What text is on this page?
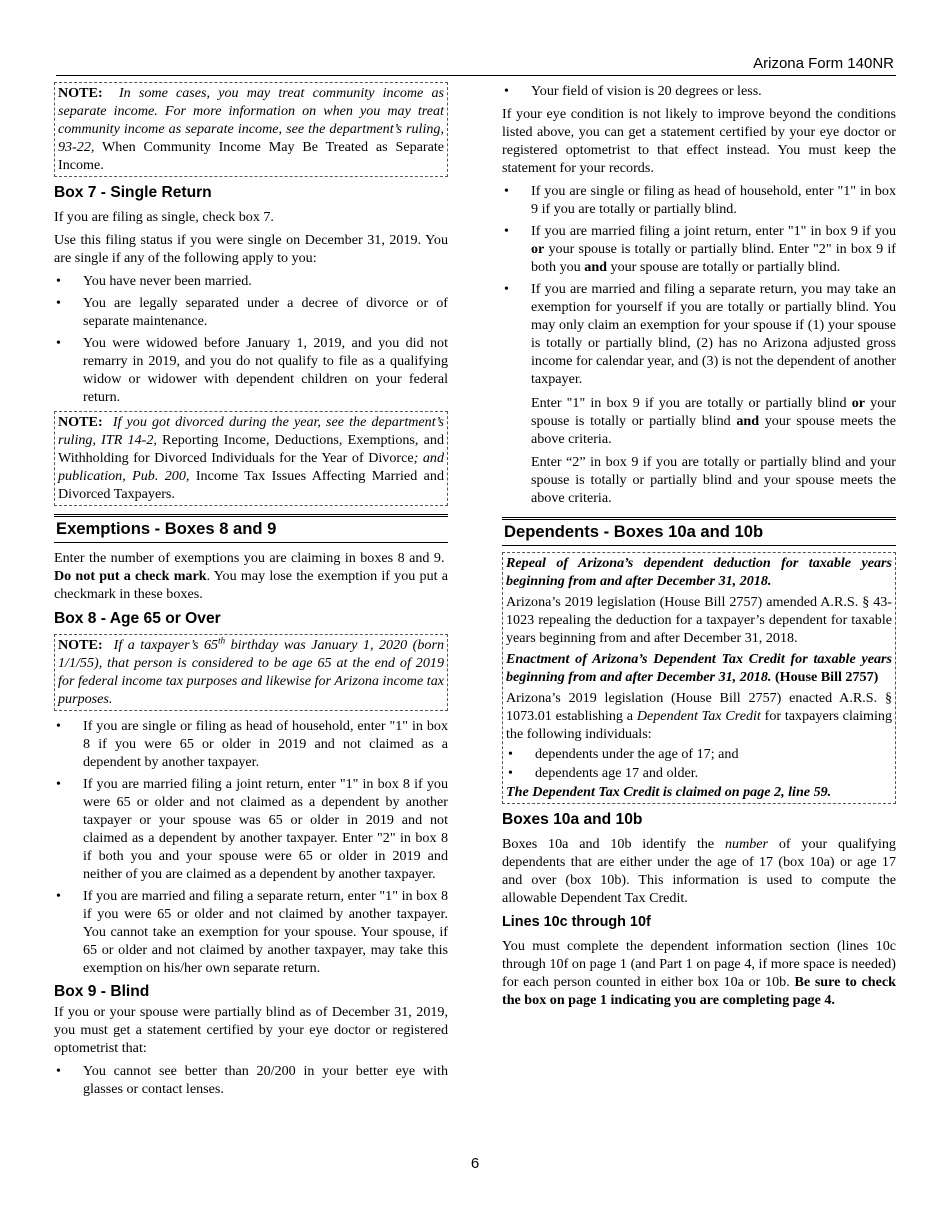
Arizona Form 140NR

NOTE: In some cases, you may treat community income as separate income. For more information on when you may treat community income as separate income, see the department’s ruling, 93-22, When Community Income May Be Treated as Separate Income.

Box 7 - Single Return

If you are filing as single, check box 7.

Use this filing status if you were single on December 31, 2019. You are single if any of the following apply to you:

• You have never been married.
• You are legally separated under a decree of divorce or of separate maintenance.
• You were widowed before January 1, 2019, and you did not remarry in 2019, and you do not qualify to file as a qualifying widow or widower with dependent children on your federal return.

NOTE: If you got divorced during the year, see the department’s ruling, ITR 14-2, Reporting Income, Deductions, Exemptions, and Withholding for Divorced Individuals for the Year of Divorce; and publication, Pub. 200, Income Tax Issues Affecting Married and Divorced Taxpayers.

Exemptions - Boxes 8 and 9

Enter the number of exemptions you are claiming in boxes 8 and 9.  Do not put a check mark. You may lose the exemption if you put a checkmark in these boxes.

Box 8 - Age 65 or Over

NOTE: If a taxpayer’s 65th birthday was January 1, 2020 (born 1/1/55), that person is considered to be age 65 at the end of 2019 for federal income tax purposes and likewise for Arizona income tax purposes.

• If you are single or filing as head of household, enter "1" in box 8 if you were 65 or older in 2019 and not claimed as a dependent by another taxpayer.
• If you are married filing a joint return, enter "1" in box 8 if you were 65 or older and not claimed as a dependent by another taxpayer or your spouse was 65 or older in 2019 and not claimed as a dependent by another taxpayer. Enter "2" in box 8 if both you and your spouse were 65 or older in 2019 and neither of you are claimed as a dependent by another taxpayer.
• If you are married and filing a separate return, enter "1" in box 8 if you were 65 or older and not claimed by another taxpayer. You cannot take an exemption for your spouse. Your spouse, if 65 or older and not claimed by another taxpayer, may take this exemption on his/her own separate return.
Box 9 - Blind

If you or your spouse were partially blind as of December 31, 2019, you must get a statement certified by your eye doctor or registered optometrist that:

• You cannot see better than 20/200 in your better eye with glasses or contact lenses.
• Your field of vision is 20 degrees or less.

If your eye condition is not likely to improve beyond the conditions listed above, you can get a statement certified by your eye doctor or registered optometrist to that effect instead. You must keep the statement for your records.

• If you are single or filing as head of household, enter "1" in box 9 if you are totally or partially blind.
• If you are married filing a joint return, enter "1" in box 9 if you or your spouse is totally or partially blind. Enter "2" in box 9 if both you and your spouse are totally or partially blind.
• If you are married and filing a separate return, you may take an exemption for yourself if you are totally or partially blind. You may only claim an exemption for your spouse if (1) your spouse is totally or partially blind, (2) has no Arizona adjusted gross income for calendar year, and (3) is not the dependent of another taxpayer.

Enter "1" in box 9 if you are totally or partially blind or your spouse is totally or partially blind and your spouse meets the above criteria.

Enter “2” in box 9 if you are totally or partially blind and your spouse is totally or partially blind and your spouse meets the above criteria.

Dependents - Boxes 10a and 10b

Repeal of Arizona’s dependent deduction for taxable years beginning from and after December 31, 2018.

Arizona’s 2019 legislation (House Bill 2757) amended A.R.S. § 43-1023 repealing the deduction for a taxpayer’s dependent for taxable years beginning from and after December 31, 2018.

Enactment of Arizona’s Dependent Tax Credit for taxable years beginning from and after December 31, 2018. (House Bill 2757)

Arizona’s 2019 legislation (House Bill 2757) enacted A.R.S. § 1073.01 establishing a Dependent Tax Credit for taxpayers claiming the following individuals:

• dependents under the age of 17; and
• dependents age 17 and older.

The Dependent Tax Credit is claimed on page 2, line 59.

Boxes 10a and 10b

Boxes 10a and 10b identify the number of your qualifying dependents that are either under the age of 17 (box 10a) or age 17 and over (box 10b). This information is used to compute the allowable Dependent Tax Credit.

Lines 10c through 10f

You must complete the dependent information section (lines 10c through 10f on page 1 (and Part 1 on page 4, if more space is needed) for each person counted in either box 10a or 10b. Be sure to check the box on page 1 indicating you are completing page 4.

6
